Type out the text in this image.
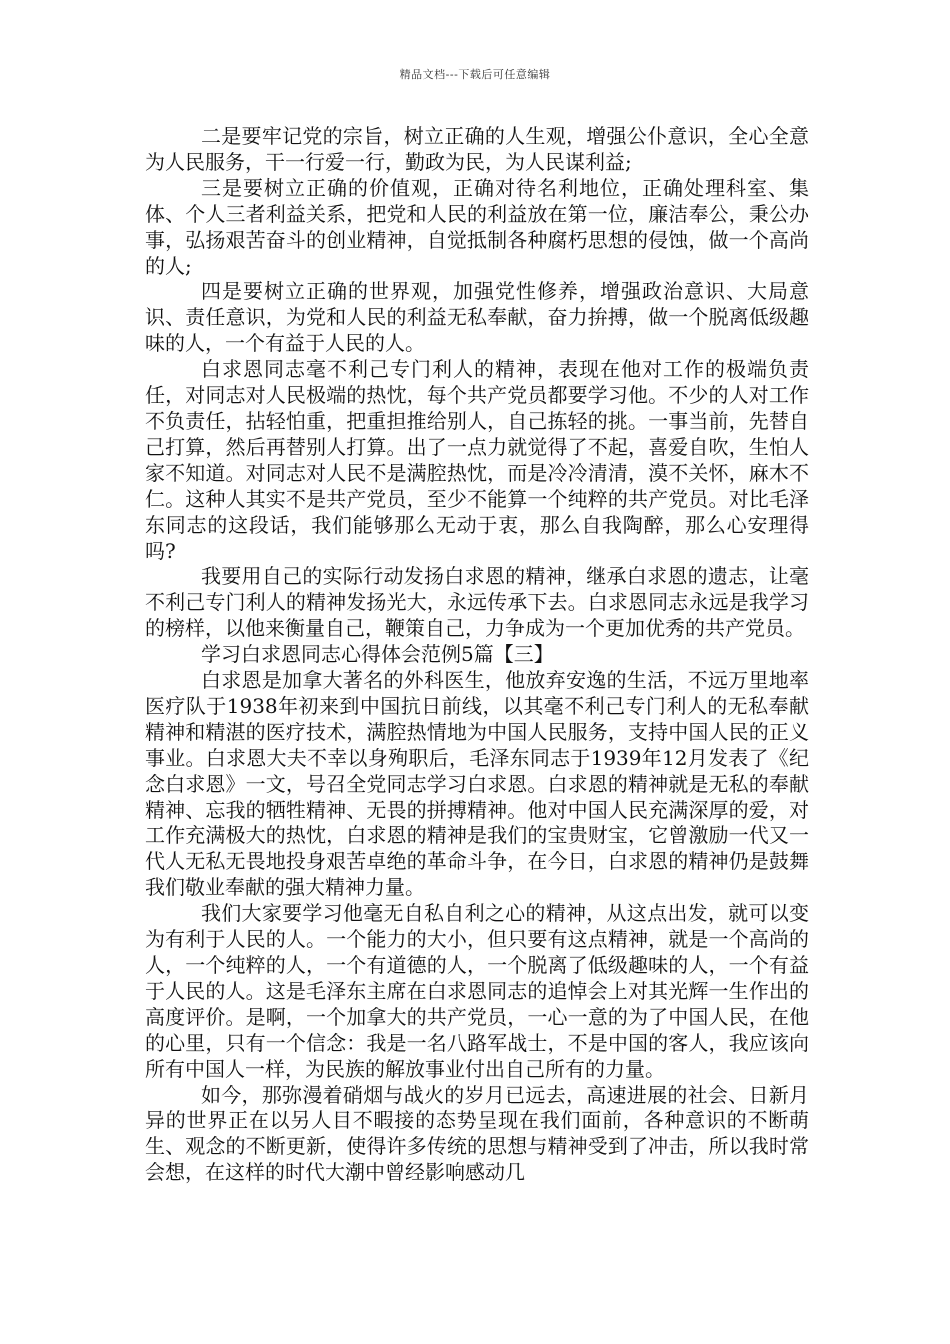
精品文档---下载后可任意编辑

二是要牢记党的宗旨，树立正确的人生观，增强公仆意识，全心全意为人民服务，干一行爱一行，勤政为民，为人民谋利益;

三是要树立正确的价值观，正确对待名利地位，正确处理科室、集体、个人三者利益关系，把党和人民的利益放在第一位，廉洁奉公，秉公办事，弘扬艰苦奋斗的创业精神，自觉抵制各种腐朽思想的侵蚀，做一个高尚的人;

四是要树立正确的世界观，加强党性修养，增强政治意识、大局意识、责任意识，为党和人民的利益无私奉献，奋力拚搏，做一个脱离低级趣味的人，一个有益于人民的人。

白求恩同志毫不利己专门利人的精神，表现在他对工作的极端负责任，对同志对人民极端的热忱，每个共产党员都要学习他。不少的人对工作不负责任，拈轻怕重，把重担推给别人，自己拣轻的挑。一事当前，先替自己打算，然后再替别人打算。出了一点力就觉得了不起，喜爱自吹，生怕人家不知道。对同志对人民不是满腔热忱，而是冷冷清清，漠不关怀，麻木不仁。这种人其实不是共产党员，至少不能算一个纯粹的共产党员。对比毛泽东同志的这段话，我们能够那么无动于衷，那么自我陶醉，那么心安理得吗?

我要用自己的实际行动发扬白求恩的精神，继承白求恩的遗志，让毫不利己专门利人的精神发扬光大，永远传承下去。白求恩同志永远是我学习的榜样，以他来衡量自己，鞭策自己，力争成为一个更加优秀的共产党员。

学习白求恩同志心得体会范例5篇【三】

白求恩是加拿大著名的外科医生，他放弃安逸的生活，不远万里地率医疗队于1938年初来到中国抗日前线，以其毫不利己专门利人的无私奉献精神和精湛的医疗技术，满腔热情地为中国人民服务，支持中国人民的正义事业。白求恩大夫不幸以身殉职后，毛泽东同志于1939年12月发表了《纪念白求恩》一文，号召全党同志学习白求恩。白求恩的精神就是无私的奉献精神、忘我的牺牲精神、无畏的拼搏精神。他对中国人民充满深厚的爱，对工作充满极大的热忱，白求恩的精神是我们的宝贵财宝，它曾激励一代又一代人无私无畏地投身艰苦卓绝的革命斗争，在今日，白求恩的精神仍是鼓舞我们敬业奉献的强大精神力量。

我们大家要学习他毫无自私自利之心的精神，从这点出发，就可以变为有利于人民的人。一个能力的大小，但只要有这点精神，就是一个高尚的人，一个纯粹的人，一个有道德的人，一个脱离了低级趣味的人，一个有益于人民的人。这是毛泽东主席在白求恩同志的追悼会上对其光辉一生作出的高度评价。是啊，一个加拿大的共产党员，一心一意的为了中国人民，在他的心里，只有一个信念：我是一名八路军战士，不是中国的客人，我应该向所有中国人一样，为民族的解放事业付出自己所有的力量。

如今，那弥漫着硝烟与战火的岁月已远去，高速进展的社会、日新月异的世界正在以另人目不暇接的态势呈现在我们面前，各种意识的不断萌生、观念的不断更新，使得许多传统的思想与精神受到了冲击，所以我时常会想，在这样的时代大潮中曾经影响感动几
